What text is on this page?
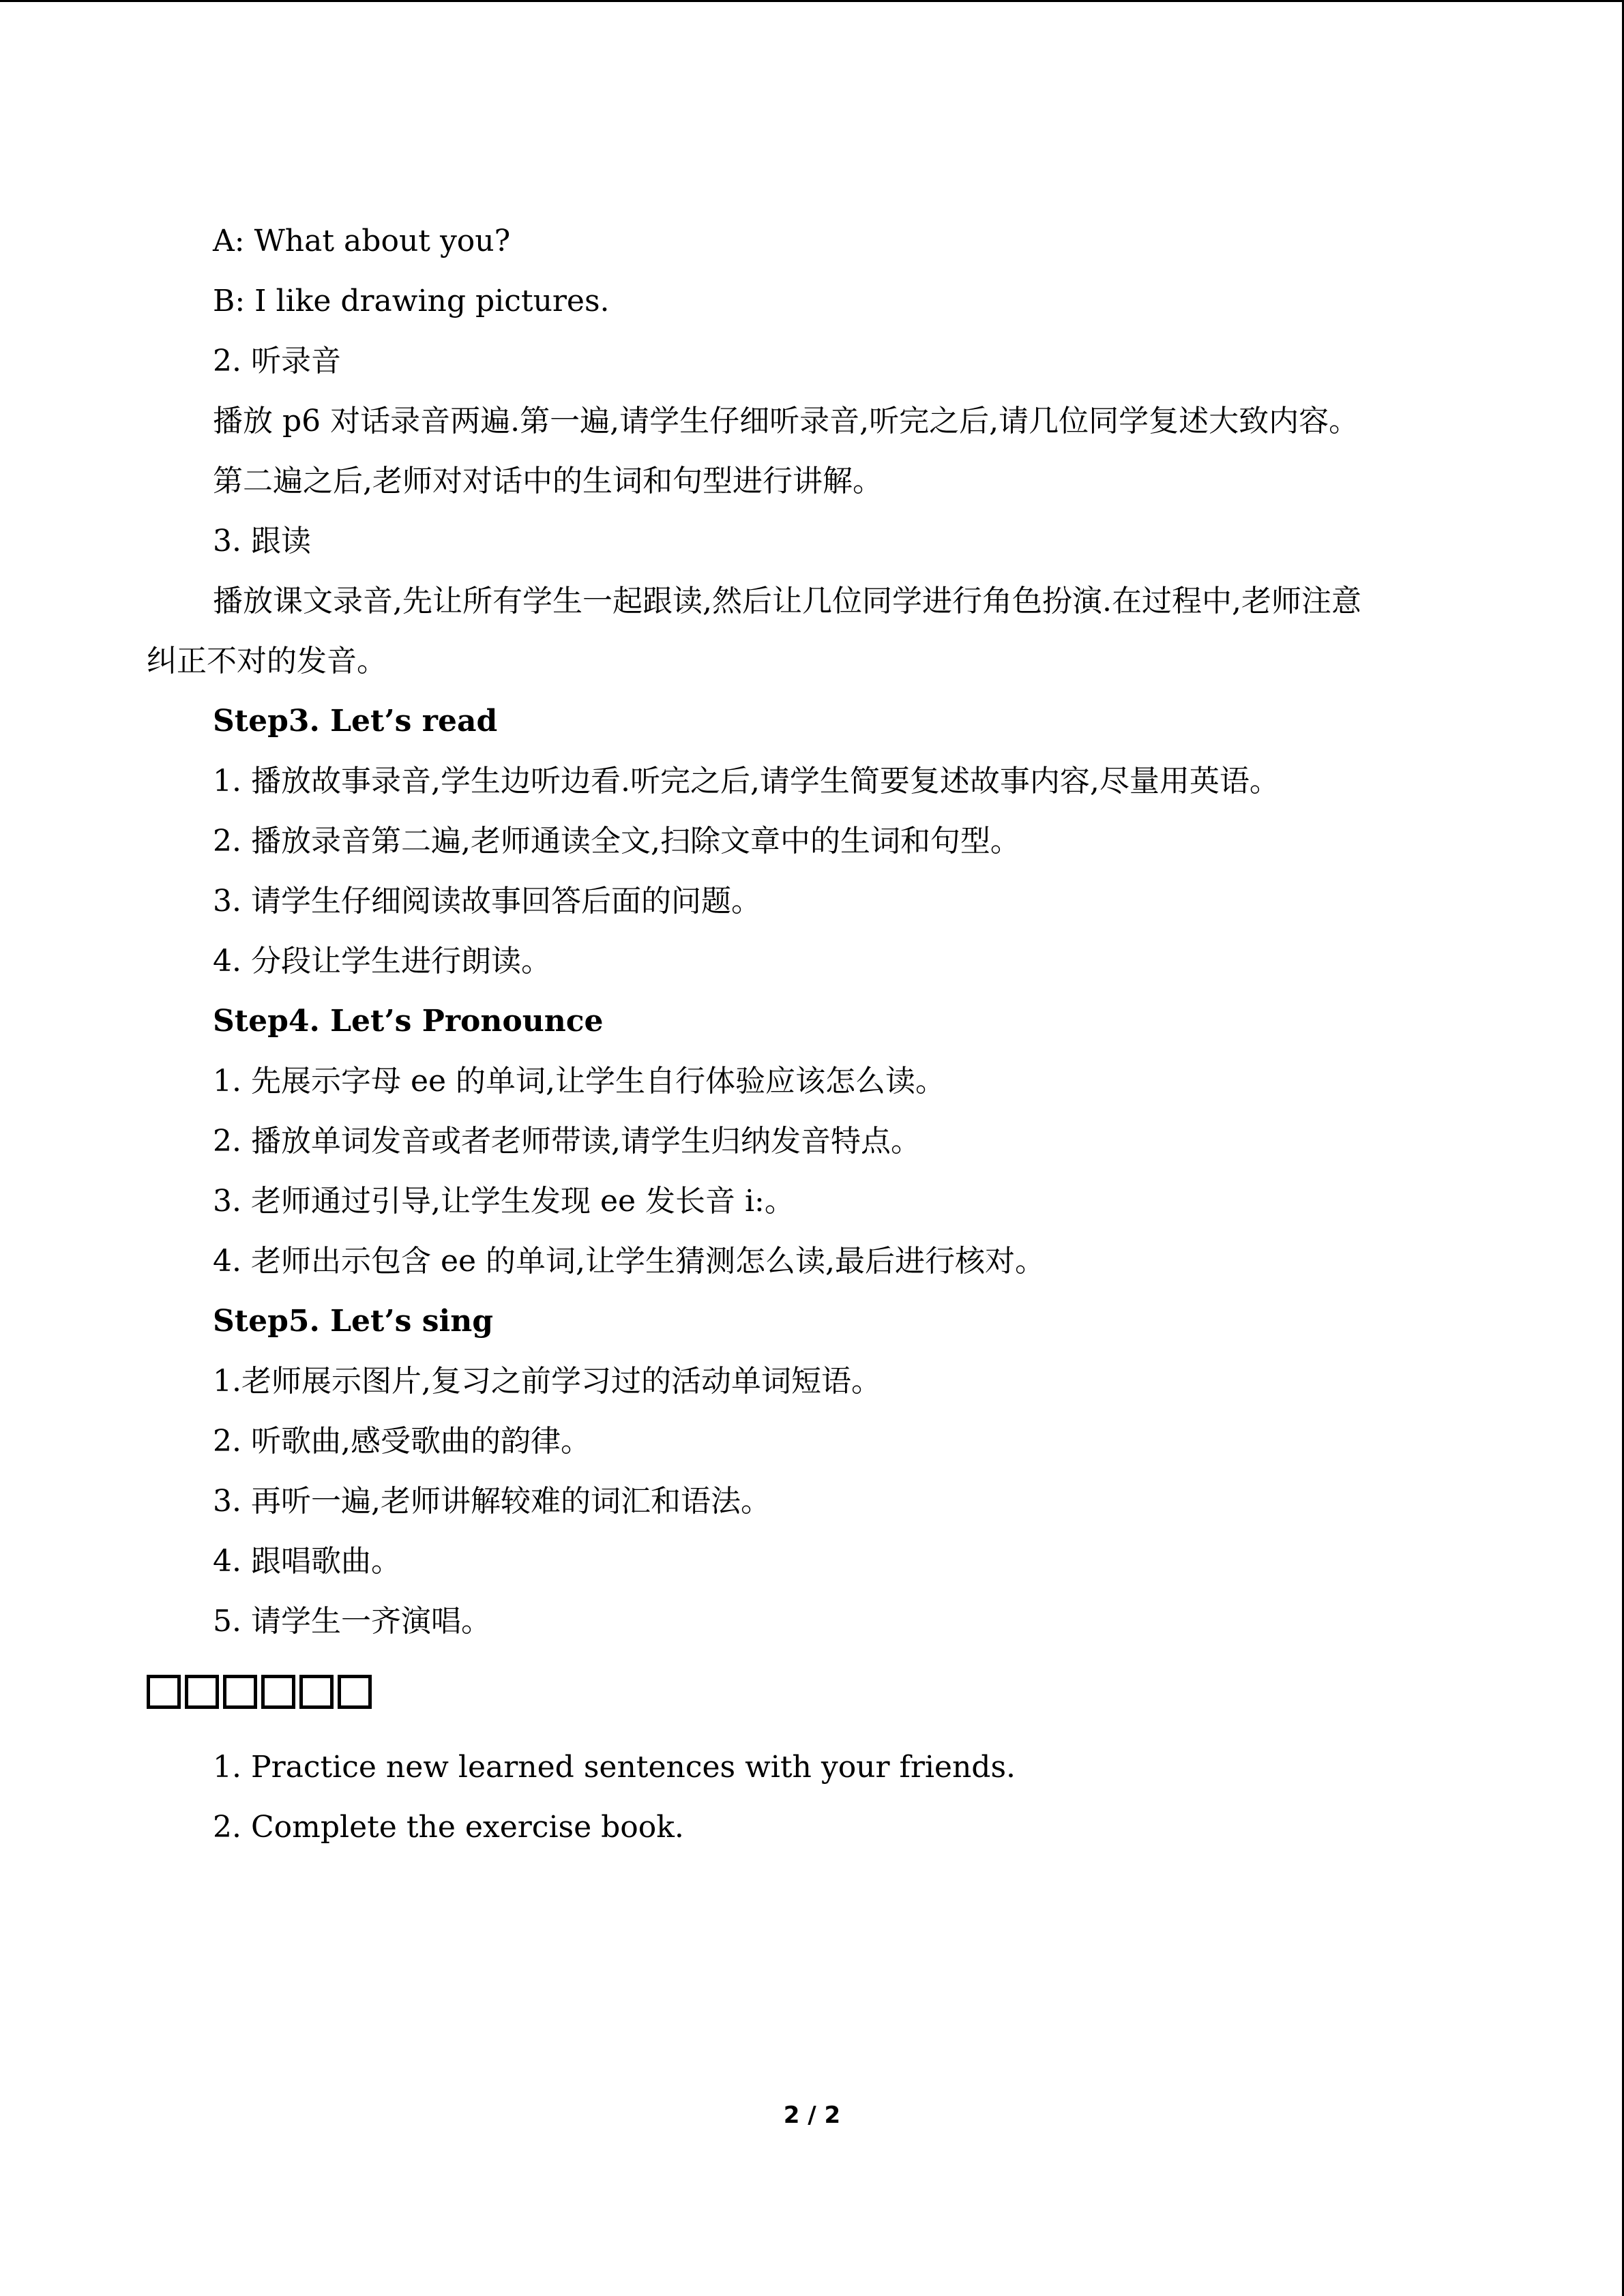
A: What about you?
B: I like drawing pictures.
2. 听录音
播放 p6 对话录音两遍.第一遍,请学生仔细听录音,听完之后,请几位同学复述大致内容。
第二遍之后,老师对对话中的生词和句型进行讲解。
3. 跟读
播放课文录音,先让所有学生一起跟读,然后让几位同学进行角色扮演.在过程中,老师注意
纠正不对的发音。
Step3. Let’s read
1. 播放故事录音,学生边听边看.听完之后,请学生简要复述故事内容,尽量用英语。
2. 播放录音第二遍,老师通读全文,扫除文章中的生词和句型。
3. 请学生仔细阅读故事回答后面的问题。
4. 分段让学生进行朗读。
Step4. Let’s Pronounce
1. 先展示字母 ee 的单词,让学生自行体验应该怎么读。
2. 播放单词发音或者老师带读,请学生归纳发音特点。
3. 老师通过引导,让学生发现 ee 发长音 i:。
4. 老师出示包含 ee 的单词,让学生猜测怎么读,最后进行核对。
Step5. Let’s sing
1.老师展示图片,复习之前学习过的活动单词短语。
2. 听歌曲,感受歌曲的韵律。
3. 再听一遍,老师讲解较难的词汇和语法。
4. 跟唱歌曲。
5. 请学生一齐演唱。
1. Practice new learned sentences with your friends.
2. Complete the exercise book.
2 / 2
